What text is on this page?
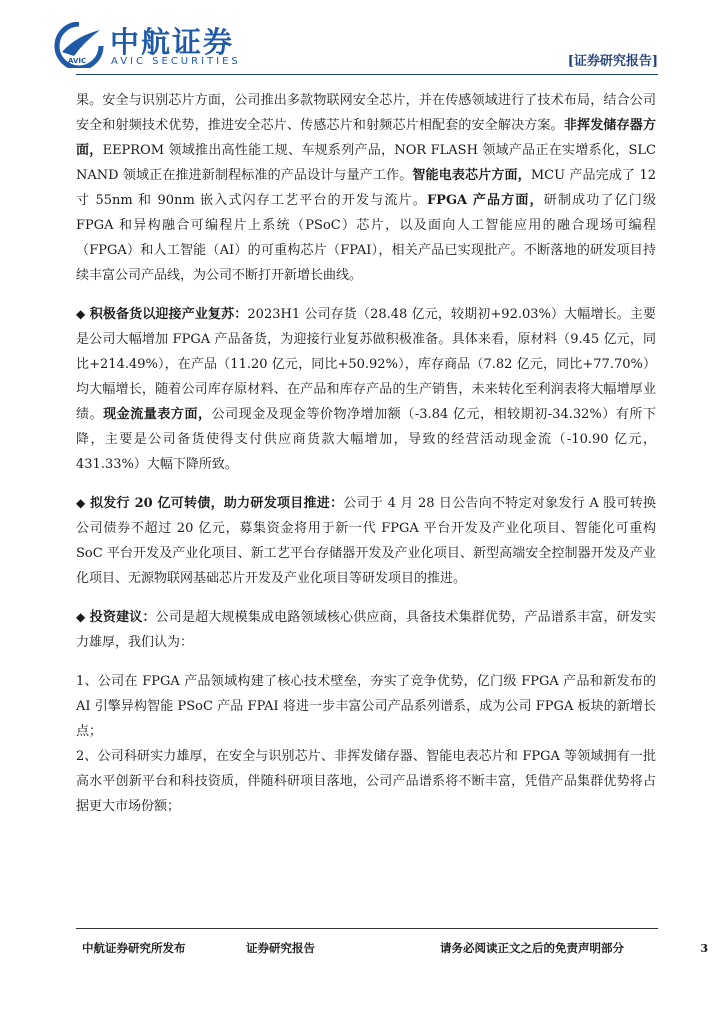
AVIC
中航证券
AVIC SECURITIES	[证券研究报告]

果。安全与识别芯片方面，公司推出多款物联网安全芯片，并在传感领域进行了技术布局，结合公司安全和射频技术优势，推进安全芯片、传感芯片和射频芯片相配套的安全解决方案。非挥发储存器方面，EEPROM 领域推出高性能工规、车规系列产品，NOR FLASH 领域产品正在实增系化，SLC NAND 领域正在推进新制程标准的产品设计与量产工作。智能电表芯片方面，MCU 产品完成了 12 寸 55nm 和 90nm 嵌入式闪存工艺平台的开发与流片。FPGA 产品方面，研制成功了亿门级 FPGA 和异构融合可编程片上系统（PSoC）芯片，以及面向人工智能应用的融合现场可编程（FPGA）和人工智能（AI）的可重构芯片（FPAI），相关产品已实现批产。不断落地的研发项目持续丰富公司产品线，为公司不断打开新增长曲线。

◆ 积极备货以迎接产业复苏：2023H1 公司存货（28.48 亿元，较期初+92.03%）大幅增长。主要是公司大幅增加 FPGA 产品备货，为迎接行业复苏做积极准备。具体来看，原材料（9.45 亿元，同比+214.49%），在产品（11.20 亿元，同比+50.92%），库存商品（7.82 亿元，同比+77.70%）均大幅增长，随着公司库存原材料、在产品和库存产品的生产销售，未来转化至利润表将大幅增厚业绩。现金流量表方面，公司现金及现金等价物净增加额（-3.84 亿元，相较期初-34.32%）有所下降，主要是公司备货使得支付供应商货款大幅增加，导致的经营活动现金流（-10.90 亿元，431.33%）大幅下降所致。

◆ 拟发行 20 亿可转债，助力研发项目推进：公司于 4 月 28 日公告向不特定对象发行 A 股可转换公司债券不超过 20 亿元，募集资金将用于新一代 FPGA 平台开发及产业化项目、智能化可重构 SoC 平台开发及产业化项目、新工艺平台存储器开发及产业化项目、新型高端安全控制器开发及产业化项目、无源物联网基础芯片开发及产业化项目等研发项目的推进。

◆ 投资建议：公司是超大规模集成电路领域核心供应商，具备技术集群优势，产品谱系丰富，研发实力雄厚，我们认为：

1、公司在 FPGA 产品领域构建了核心技术壁垒，夯实了竞争优势，亿门级 FPGA 产品和新发布的 AI 引擎异构智能 PSoC 产品 FPAI 将进一步丰富公司产品系列谱系，成为公司 FPGA 板块的新增长点；

2、公司科研实力雄厚，在安全与识别芯片、非挥发储存器、智能电表芯片和 FPGA 等领域拥有一批高水平创新平台和科技资质，伴随科研项目落地，公司产品谱系将不断丰富，凭借产品集群优势将占据更大市场份额；

中航证券研究所发布	证券研究报告	请务必阅读正文之后的免责声明部分	3
